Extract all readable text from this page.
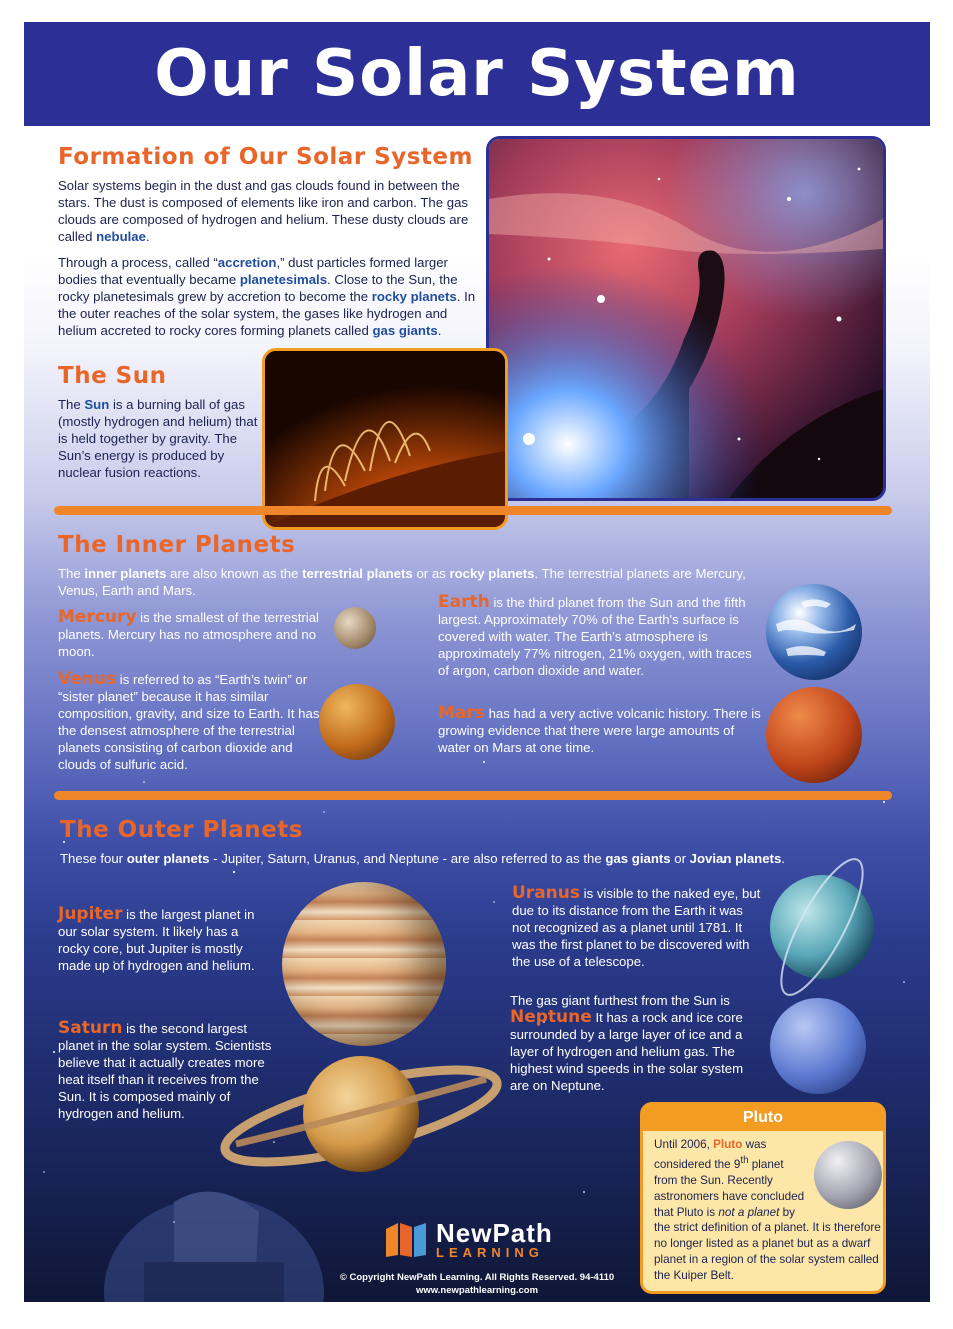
Our Solar System
Formation of Our Solar System

Solar systems begin in the dust and gas clouds found in between the stars. The dust is composed of elements like iron and carbon. The gas clouds are composed of hydrogen and helium. These dusty clouds are called nebulae.

Through a process, called “accretion,” dust particles formed larger bodies that eventually became planetesimals. Close to the Sun, the rocky planetesimals grew by accretion to become the rocky planets. In the outer reaches of the solar system, the gases like hydrogen and helium accreted to rocky cores forming planets called gas giants.

The Sun
The Sun is a burning ball of gas (mostly hydrogen and helium) that is held together by gravity. The Sun’s energy is produced by nuclear fusion reactions.
The Inner Planets
The inner planets are also known as the terrestrial planets or as rocky planets. The terrestrial planets are Mercury, Venus, Earth and Mars.
Mercury is the smallest of the terrestrial planets. Mercury has no atmosphere and no moon.
Venus is referred to as “Earth’s twin” or “sister planet” because it has similar composition, gravity, and size to Earth. It has the densest atmosphere of the terrestrial planets consisting of carbon dioxide and clouds of sulfuric acid.
Earth is the third planet from the Sun and the fifth largest. Approximately 70% of the Earth's surface is covered with water. The Earth's atmosphere is approximately 77% nitrogen, 21% oxygen, with traces of argon, carbon dioxide and water.
Mars has had a very active volcanic history. There is growing evidence that there were large amounts of water on Mars at one time.
The Outer Planets
These four outer planets - Jupiter, Saturn, Uranus, and Neptune - are also referred to as the gas giants or Jovian planets.
Jupiter is the largest planet in our solar system. It likely has a rocky core, but Jupiter is mostly made up of hydrogen and helium.
Saturn is the second largest planet in the solar system. Scientists believe that it actually creates more heat itself than it receives from the Sun. It is composed mainly of hydrogen and helium.
Uranus is visible to the naked eye, but due to its distance from the Earth it was not recognized as a planet until 1781. It was the first planet to be discovered with the use of a telescope.
The gas giant furthest from the Sun is Neptune It has a rock and ice core surrounded by a large layer of ice and a layer of hydrogen and helium gas. The highest wind speeds in the solar system are on Neptune.
Pluto
Until 2006, Pluto was considered the 9th planet from the Sun. Recently astronomers have concluded that Pluto is not a planet by the strict definition of a planet. It is therefore no longer listed as a planet but as a dwarf planet in a region of the solar system called the Kuiper Belt.
NewPath
LEARNING
© Copyright NewPath Learning. All Rights Reserved. 94-4110
www.newpathlearning.com
